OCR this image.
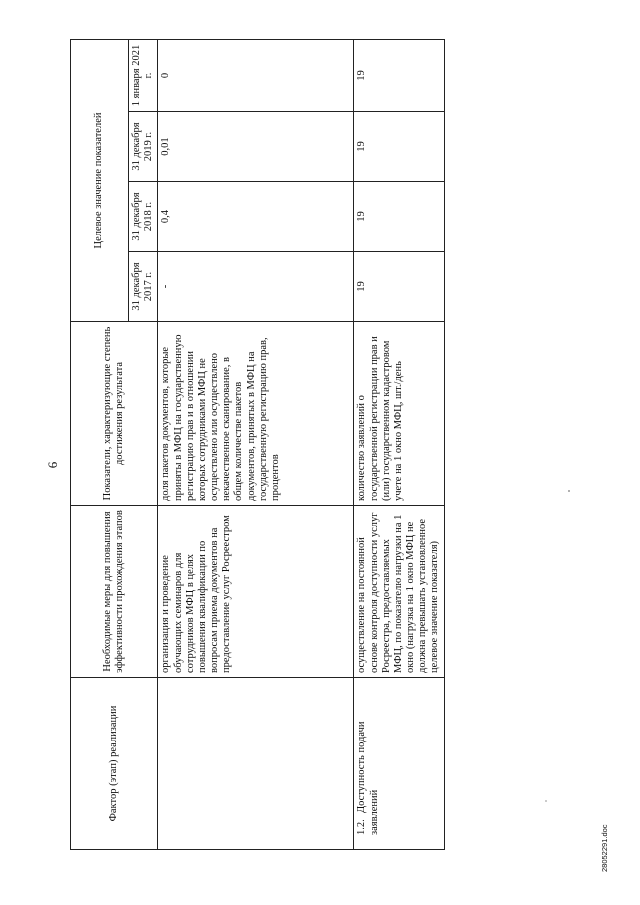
6
28052291.doc
Фактор (этап) реализации	Необходимые меры для повышения эффективности прохождения этапов	Показатели, характеризующие степень достижения результата	Целевое значение показателей			
			31 декабря 2017 г.	31 декабря 2018 г.	31 декабря 2019 г.	1 января 2021 г.
	организация и проведение обучающих семинаров для сотрудников МФЦ в целях повышения квалификации по вопросам приема документов на предоставление услуг Росреестром	доля пакетов документов, которые приняты в МФЦ на государственную регистрацию прав и в отношении которых сотрудниками МФЦ не осуществлено или осуществлено некачественное сканирование, в общем количестве пакетов документов, принятых в МФЦ на государственную регистрацию прав, процентов	-	0,4	0,01	0
1.2.Доступность подачи заявлений	осуществление на постоянной основе контроля доступности услуг Росреестра, предоставляемых МФЦ, по показателю нагрузки на 1 окно (нагрузка на 1 окно МФЦ не должна превышать установленное целевое значение показателя)	количество заявлений о государственной регистрации прав и (или) государственном кадастровом учете на 1 окно МФЦ, шт./день	19	19	19	19
